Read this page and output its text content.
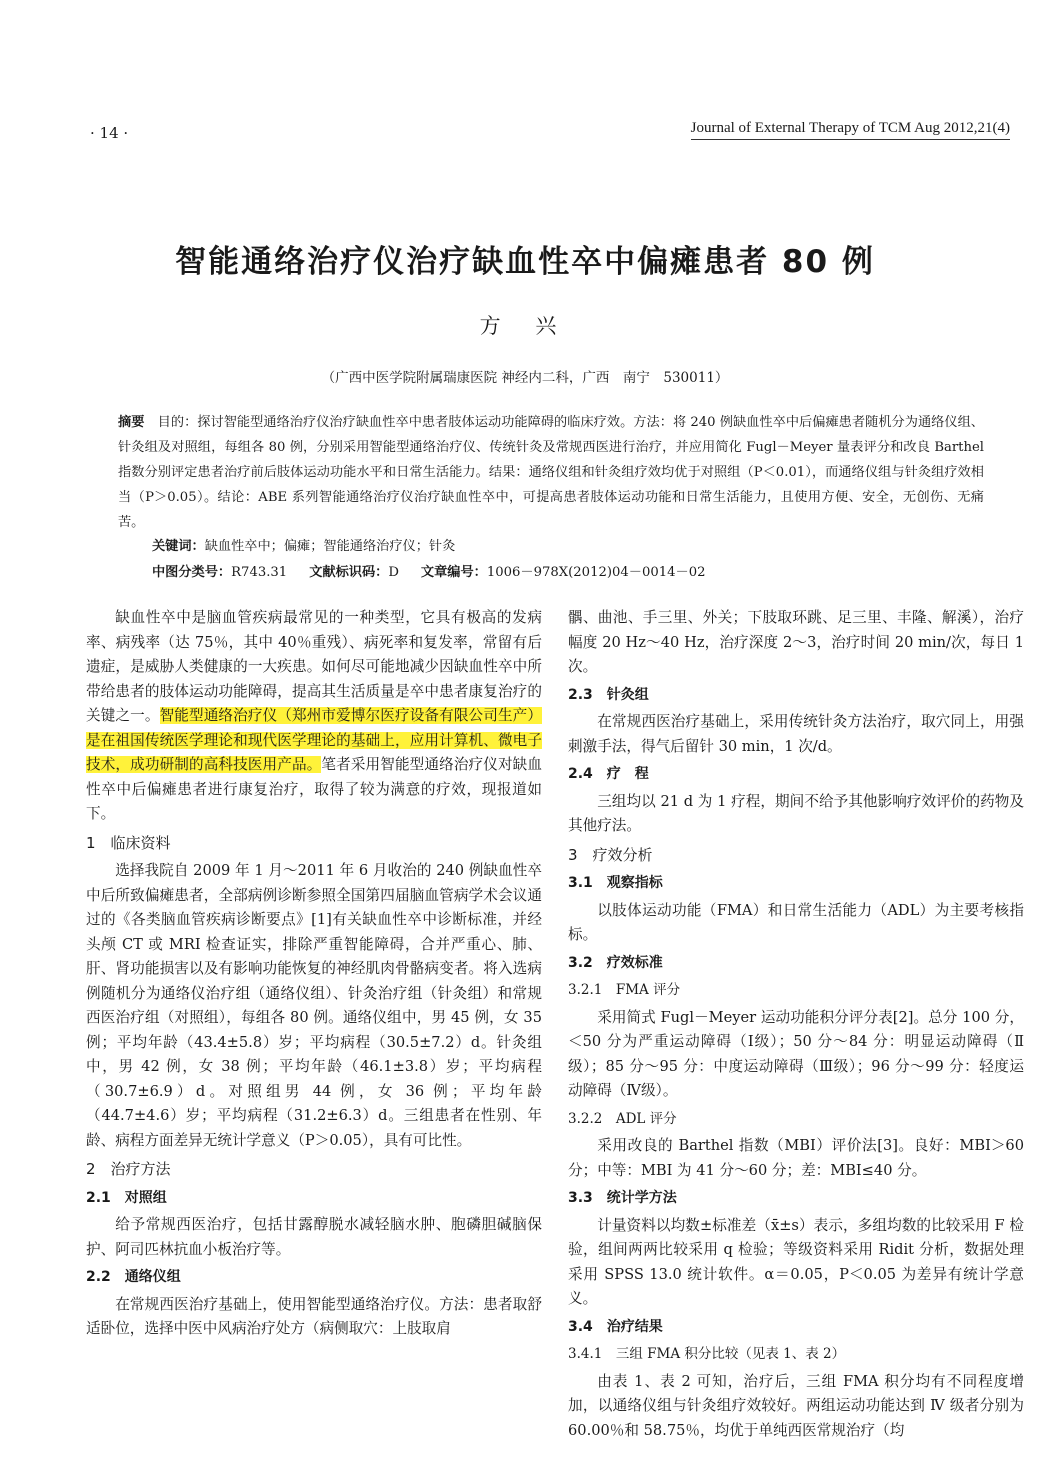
· 14 ·	Journal of External Therapy of TCM Aug 2012,21(4)
智能通络治疗仪治疗缺血性卒中偏瘫患者 80 例
方 兴
（广西中医学院附属瑞康医院 神经内二科，广西　南宁　530011）
摘要　目的：探讨智能型通络治疗仪治疗缺血性卒中患者肢体运动功能障碍的临床疗效。方法：将 240 例缺血性卒中后偏瘫患者随机分为通络仪组、针灸组及对照组，每组各 80 例，分别采用智能型通络治疗仪、传统针灸及常规西医进行治疗，并应用简化 Fugl－Meyer 量表评分和改良 Barthel 指数分别评定患者治疗前后肢体运动功能水平和日常生活能力。结果：通络仪组和针灸组疗效均优于对照组（P＜0.01），而通络仪组与针灸组疗效相当（P＞0.05）。结论：ABE 系列智能通络治疗仪治疗缺血性卒中，可提高患者肢体运动功能和日常生活能力，且使用方便、安全，无创伤、无痛苦。
关键词：缺血性卒中；偏瘫；智能通络治疗仪；针灸
中图分类号：R743.31 文献标识码：D 文章编号：1006－978X(2012)04－0014－02

缺血性卒中是脑血管疾病最常见的一种类型，它具有极高的发病率、病残率（达 75％，其中 40％重残）、病死率和复发率，常留有后遗症，是威胁人类健康的一大疾患。如何尽可能地减少因缺血性卒中所带给患者的肢体运动功能障碍，提高其生活质量是卒中患者康复治疗的关键之一。智能型通络治疗仪（郑州市爱博尔医疗设备有限公司生产）是在祖国传统医学理论和现代医学理论的基础上，应用计算机、微电子技术，成功研制的高科技医用产品。笔者采用智能型通络治疗仪对缺血性卒中后偏瘫患者进行康复治疗，取得了较为满意的疗效，现报道如下。

1　临床资料

选择我院自 2009 年 1 月～2011 年 6 月收治的 240 例缺血性卒中后所致偏瘫患者，全部病例诊断参照全国第四届脑血管病学术会议通过的《各类脑血管疾病诊断要点》[1]有关缺血性卒中诊断标准，并经头颅 CT 或 MRI 检查证实，排除严重智能障碍，合并严重心、肺、肝、肾功能损害以及有影响功能恢复的神经肌肉骨骼病变者。将入选病例随机分为通络仪治疗组（通络仪组）、针灸治疗组（针灸组）和常规西医治疗组（对照组），每组各 80 例。通络仪组中，男 45 例，女 35 例；平均年龄（43.4±5.8）岁；平均病程（30.5±7.2）d。针灸组中，男 42 例，女 38 例；平均年龄（46.1±3.8）岁；平均病程（30.7±6.9）d。对照组男 44 例，女 36 例；平均年龄（44.7±4.6）岁；平均病程（31.2±6.3）d。三组患者在性别、年龄、病程方面差异无统计学意义（P＞0.05），具有可比性。

2　治疗方法
2.1　对照组

给予常规西医治疗，包括甘露醇脱水减轻脑水肿、胞磷胆碱脑保护、阿司匹林抗血小板治疗等。

2.2　通络仪组

在常规西医治疗基础上，使用智能型通络治疗仪。方法：患者取舒适卧位，选择中医中风病治疗处方（病侧取穴：上肢取肩

髃、曲池、手三里、外关；下肢取环跳、足三里、丰隆、解溪），治疗幅度 20 Hz～40 Hz，治疗深度 2～3，治疗时间 20 min/次，每日 1 次。

2.3　针灸组

在常规西医治疗基础上，采用传统针灸方法治疗，取穴同上，用强刺激手法，得气后留针 30 min，1 次/d。

2.4　疗　程

三组均以 21 d 为 1 疗程，期间不给予其他影响疗效评价的药物及其他疗法。

3　疗效分析
3.1　观察指标

以肢体运动功能（FMA）和日常生活能力（ADL）为主要考核指标。

3.2　疗效标准
3.2.1　FMA 评分

采用简式 Fugl－Meyer 运动功能积分评分表[2]。总分 100 分，＜50 分为严重运动障碍（Ⅰ级）；50 分～84 分：明显运动障碍（Ⅱ级）；85 分～95 分：中度运动障碍（Ⅲ级）；96 分～99 分：轻度运动障碍（Ⅳ级）。

3.2.2　ADL 评分

采用改良的 Barthel 指数（MBI）评价法[3]。良好：MBI＞60 分；中等：MBI 为 41 分～60 分；差：MBI≤40 分。

3.3　统计学方法

计量资料以均数±标准差（x̄±s）表示，多组均数的比较采用 F 检验，组间两两比较采用 q 检验；等级资料采用 Ridit 分析，数据处理采用 SPSS 13.0 统计软件。α＝0.05，P＜0.05 为差异有统计学意义。

3.4　治疗结果
3.4.1　三组 FMA 积分比较（见表 1、表 2）

由表 1、表 2 可知，治疗后，三组 FMA 积分均有不同程度增加，以通络仪组与针灸组疗效较好。两组运动功能达到 Ⅳ 级者分别为 60.00％和 58.75％，均优于单纯西医常规治疗（均
